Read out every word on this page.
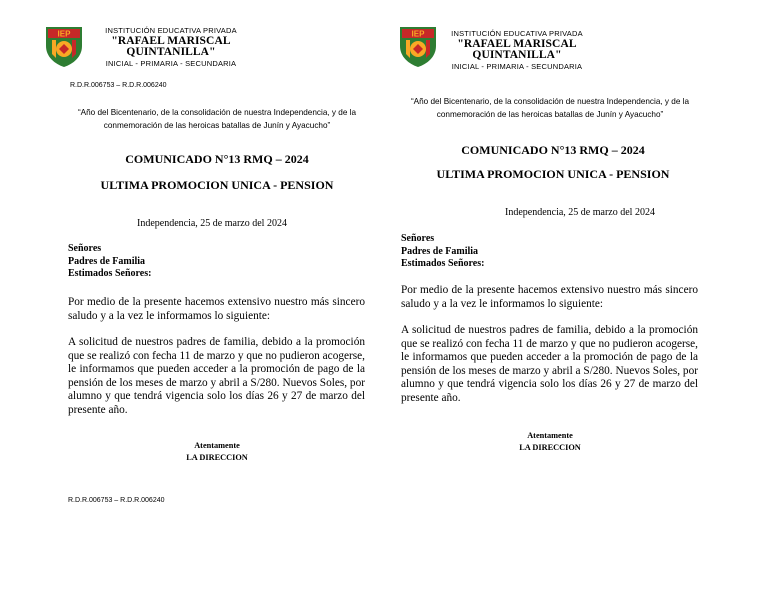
IEP	INSTITUCIÓN EDUCATIVA PRIVADA
"RAFAEL MARISCAL QUINTANILLA"
INICIAL - PRIMARIA - SECUNDARIA
R.D.R.006753 – R.D.R.006240
“Año del Bicentenario, de la consolidación de nuestra Independencia, y de la conmemoración de las heroicas batallas de Junín y Ayacucho”
COMUNICADO N°13 RMQ – 2024
ULTIMA PROMOCION UNICA - PENSION
Independencia, 25 de marzo del 2024
Señores
Padres de Familia
Estimados Señores:
Por medio de la presente hacemos extensivo nuestro más sincero saludo y a la vez le informamos lo siguiente:
A solicitud de nuestros padres de familia, debido a la promoción que se realizó con fecha 11 de marzo y que no pudieron acogerse, le informamos que pueden acceder a la promoción de pago de la pensión de los meses de marzo y abril a S/280. Nuevos Soles, por alumno y que tendrá vigencia solo los días 26 y 27 de marzo del presente año.
Atentamente
LA DIRECCION
R.D.R.006753 – R.D.R.006240
IEP	INSTITUCIÓN EDUCATIVA PRIVADA
"RAFAEL MARISCAL QUINTANILLA"
INICIAL - PRIMARIA - SECUNDARIA
“Año del Bicentenario, de la consolidación de nuestra Independencia, y de la conmemoración de las heroicas batallas de Junín y Ayacucho”
COMUNICADO N°13 RMQ – 2024
ULTIMA PROMOCION UNICA - PENSION
Independencia, 25 de marzo del 2024
Señores
Padres de Familia
Estimados Señores:
Por medio de la presente hacemos extensivo nuestro más sincero saludo y a la vez le informamos lo siguiente:
A solicitud de nuestros padres de familia, debido a la promoción que se realizó con fecha 11 de marzo y que no pudieron acogerse, le informamos que pueden acceder a la promoción de pago de la pensión de los meses de marzo y abril a S/280. Nuevos Soles, por alumno y que tendrá vigencia solo los días 26 y 27 de marzo del presente año.
Atentamente
LA DIRECCION
